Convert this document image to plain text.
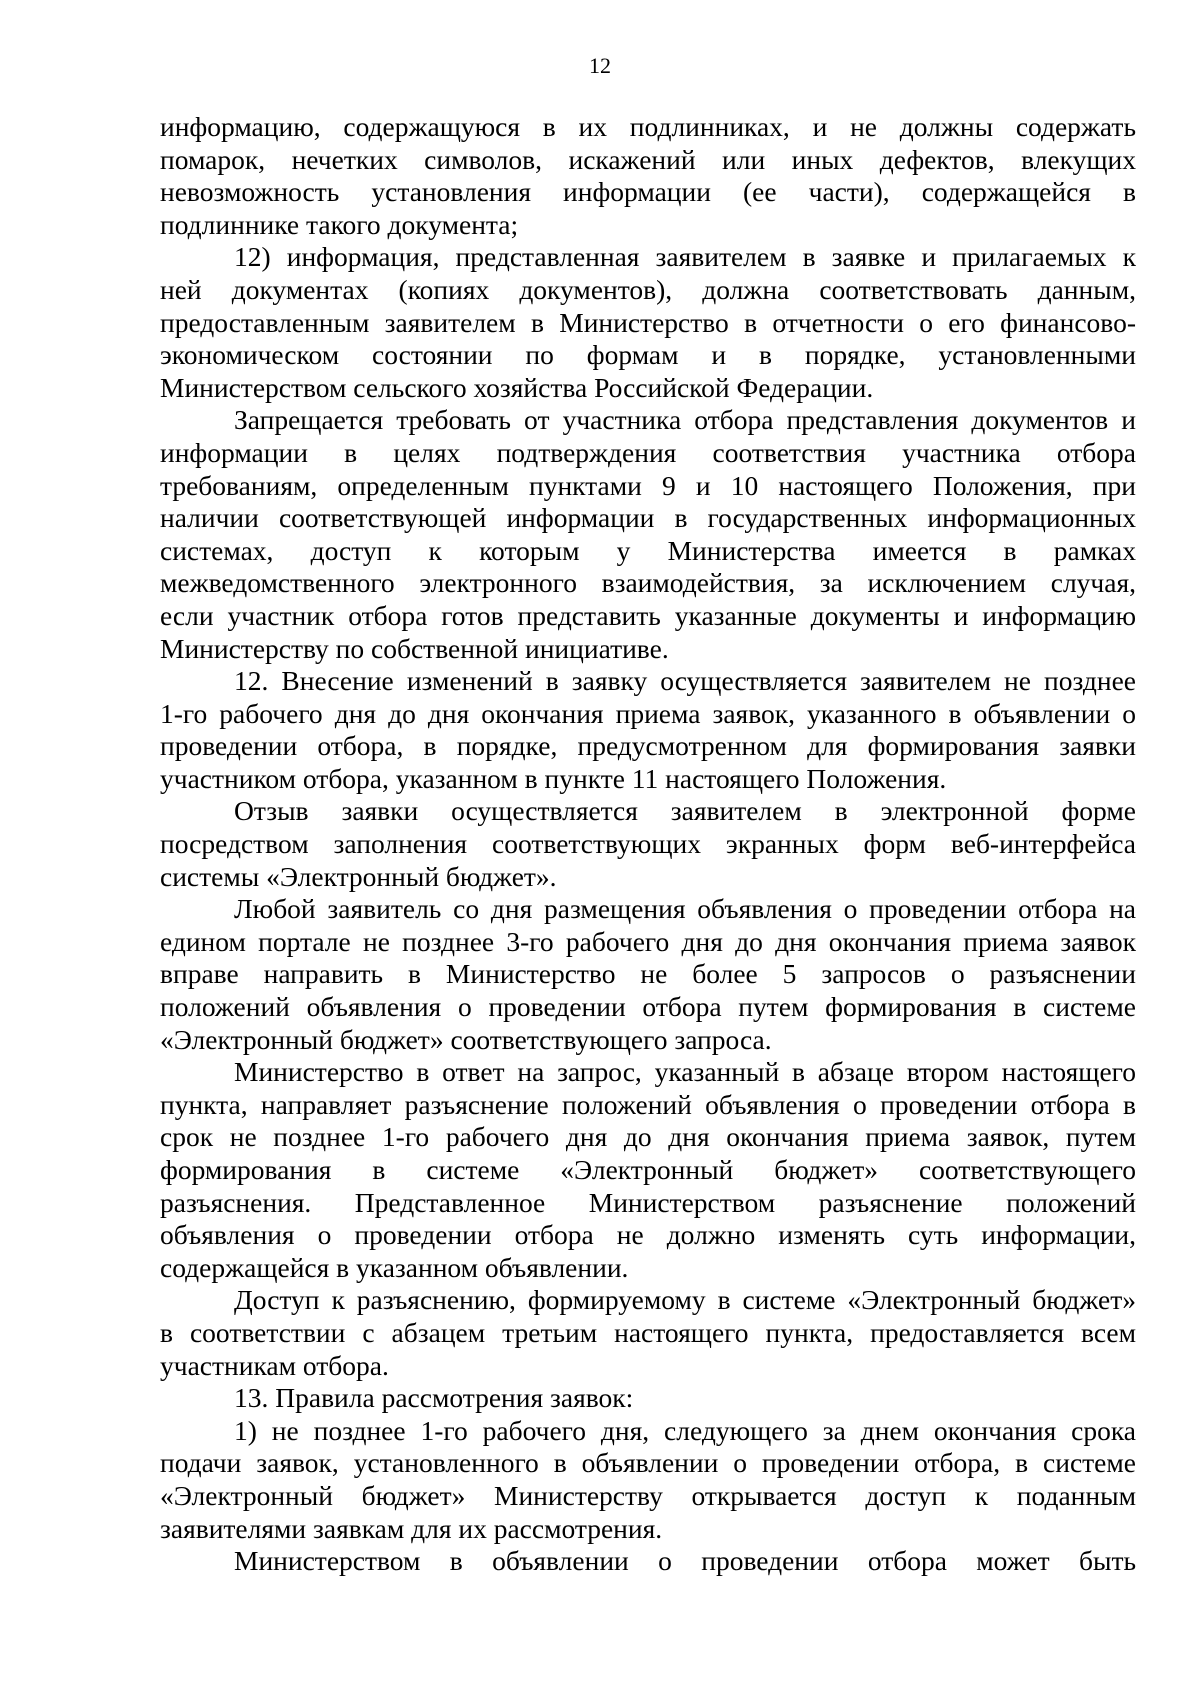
12
информацию, содержащуюся в их подлинниках, и не должны содержать
помарок, нечетких символов, искажений или иных дефектов, влекущих
невозможность установления информации (ее части), содержащейся в
подлиннике такого документа;
12) информация, представленная заявителем в заявке и прилагаемых к
ней документах (копиях документов), должна соответствовать данным,
предоставленным заявителем в Министерство в отчетности о его финансово-
экономическом состоянии по формам и в порядке, установленными
Министерством сельского хозяйства Российской Федерации.
Запрещается требовать от участника отбора представления документов и
информации в целях подтверждения соответствия участника отбора
требованиям, определенным пунктами 9 и 10 настоящего Положения, при
наличии соответствующей информации в государственных информационных
системах, доступ к которым у Министерства имеется в рамках
межведомственного электронного взаимодействия, за исключением случая,
если участник отбора готов представить указанные документы и информацию
Министерству по собственной инициативе.
12. Внесение изменений в заявку осуществляется заявителем не позднее
1-го рабочего дня до дня окончания приема заявок, указанного в объявлении о
проведении отбора, в порядке, предусмотренном для формирования заявки
участником отбора, указанном в пункте 11 настоящего Положения.
Отзыв заявки осуществляется заявителем в электронной форме
посредством заполнения соответствующих экранных форм веб-интерфейса
системы «Электронный бюджет».
Любой заявитель со дня размещения объявления о проведении отбора на
едином портале не позднее 3-го рабочего дня до дня окончания приема заявок
вправе направить в Министерство не более 5 запросов о разъяснении
положений объявления о проведении отбора путем формирования в системе
«Электронный бюджет» соответствующего запроса.
Министерство в ответ на запрос, указанный в абзаце втором настоящего
пункта, направляет разъяснение положений объявления о проведении отбора в
срок не позднее 1-го рабочего дня до дня окончания приема заявок, путем
формирования в системе «Электронный бюджет» соответствующего
разъяснения. Представленное Министерством разъяснение положений
объявления о проведении отбора не должно изменять суть информации,
содержащейся в указанном объявлении.
Доступ к разъяснению, формируемому в системе «Электронный бюджет»
в соответствии с абзацем третьим настоящего пункта, предоставляется всем
участникам отбора.
13. Правила рассмотрения заявок:
1) не позднее 1-го рабочего дня, следующего за днем окончания срока
подачи заявок, установленного в объявлении о проведении отбора, в системе
«Электронный бюджет» Министерству открывается доступ к поданным
заявителями заявкам для их рассмотрения.
Министерством в объявлении о проведении отбора может быть
